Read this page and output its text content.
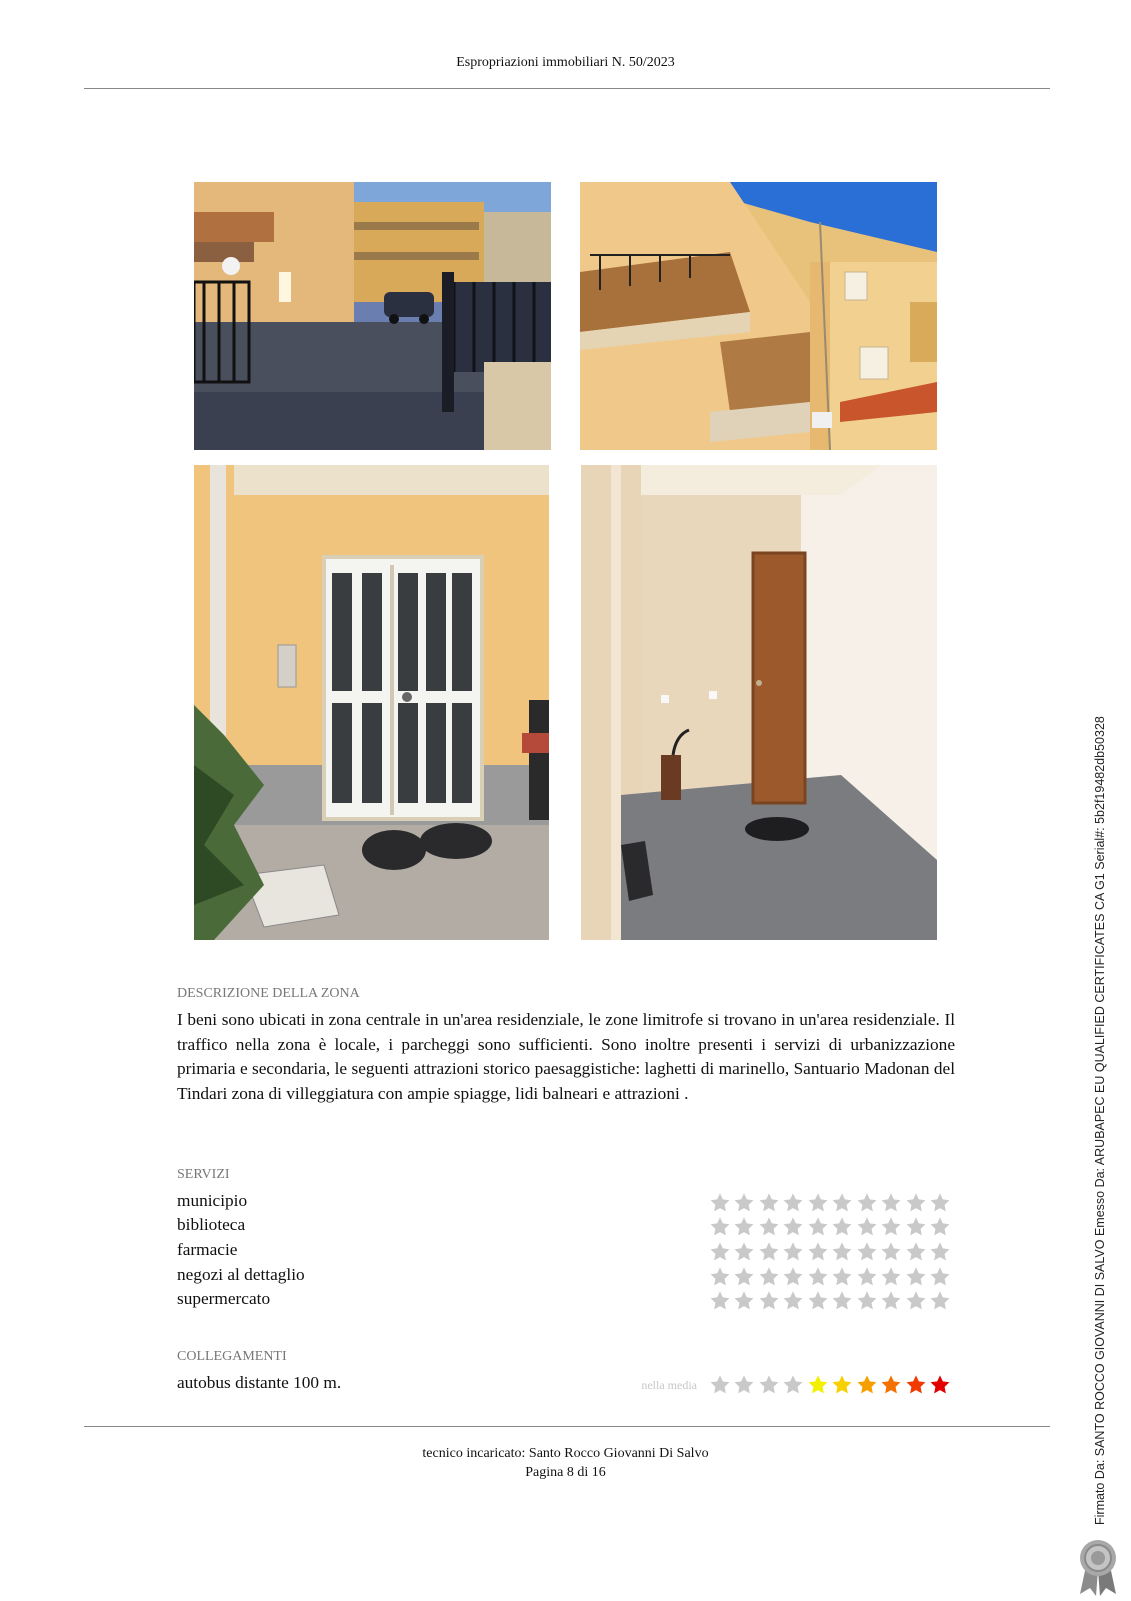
Espropriazioni immobiliari N. 50/2023
DESCRIZIONE DELLA ZONA
I beni sono ubicati in zona centrale in un'area residenziale, le zone limitrofe si trovano in un'area residenziale. Il traffico nella zona è locale, i parcheggi sono sufficienti. Sono inoltre presenti i servizi di urbanizzazione primaria e secondaria, le seguenti attrazioni storico paesaggistiche: laghetti di marinello, Santuario Madonan del Tindari zona di villeggiatura con ampie spiagge, lidi balneari e attrazioni .
SERVIZI
municipio
biblioteca
farmacie
negozi al dettaglio
supermercato
COLLEGAMENTI
autobus distante 100 m.	nella media
tecnico incaricato: Santo Rocco Giovanni Di Salvo
Pagina 8 di 16	Firmato Da: SANTO ROCCO GIOVANNI DI SALVO Emesso Da: ARUBAPEC EU QUALIFIED CERTIFICATES CA G1 Serial#: 5b2f19482db50328
